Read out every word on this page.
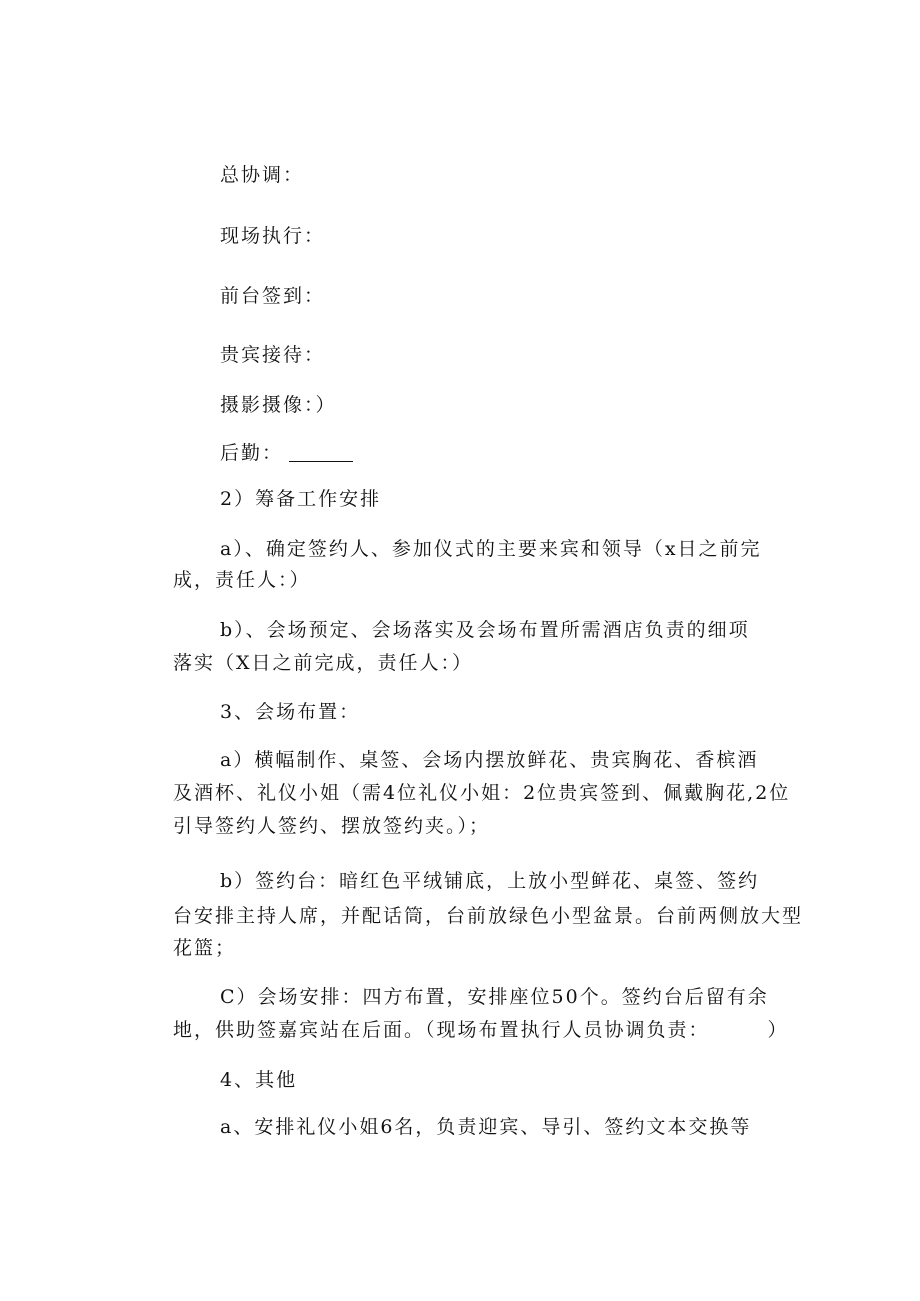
总协调：
现场执行：
前台签到：
贵宾接待：
摄影摄像：）
后勤：
2）筹备工作安排
a）、确定签约人、参加仪式的主要来宾和领导（x日之前完
成，责任人：）
b）、会场预定、会场落实及会场布置所需酒店负责的细项
落实（X日之前完成，责任人：）
3、会场布置：
a）横幅制作、桌签、会场内摆放鲜花、贵宾胸花、香槟酒
及酒杯、礼仪小姐（需4位礼仪小姐：2位贵宾签到、佩戴胸花,2位
引导签约人签约、摆放签约夹。）；
b）签约台：暗红色平绒铺底，上放小型鲜花、桌签、签约
台安排主持人席，并配话筒，台前放绿色小型盆景。台前两侧放大型
花篮；
C）会场安排：四方布置，安排座位50个。签约台后留有余
地，供助签嘉宾站在后面。（现场布置执行人员协调负责：	）
4、其他
a、安排礼仪小姐6名，负责迎宾、导引、签约文本交换等
